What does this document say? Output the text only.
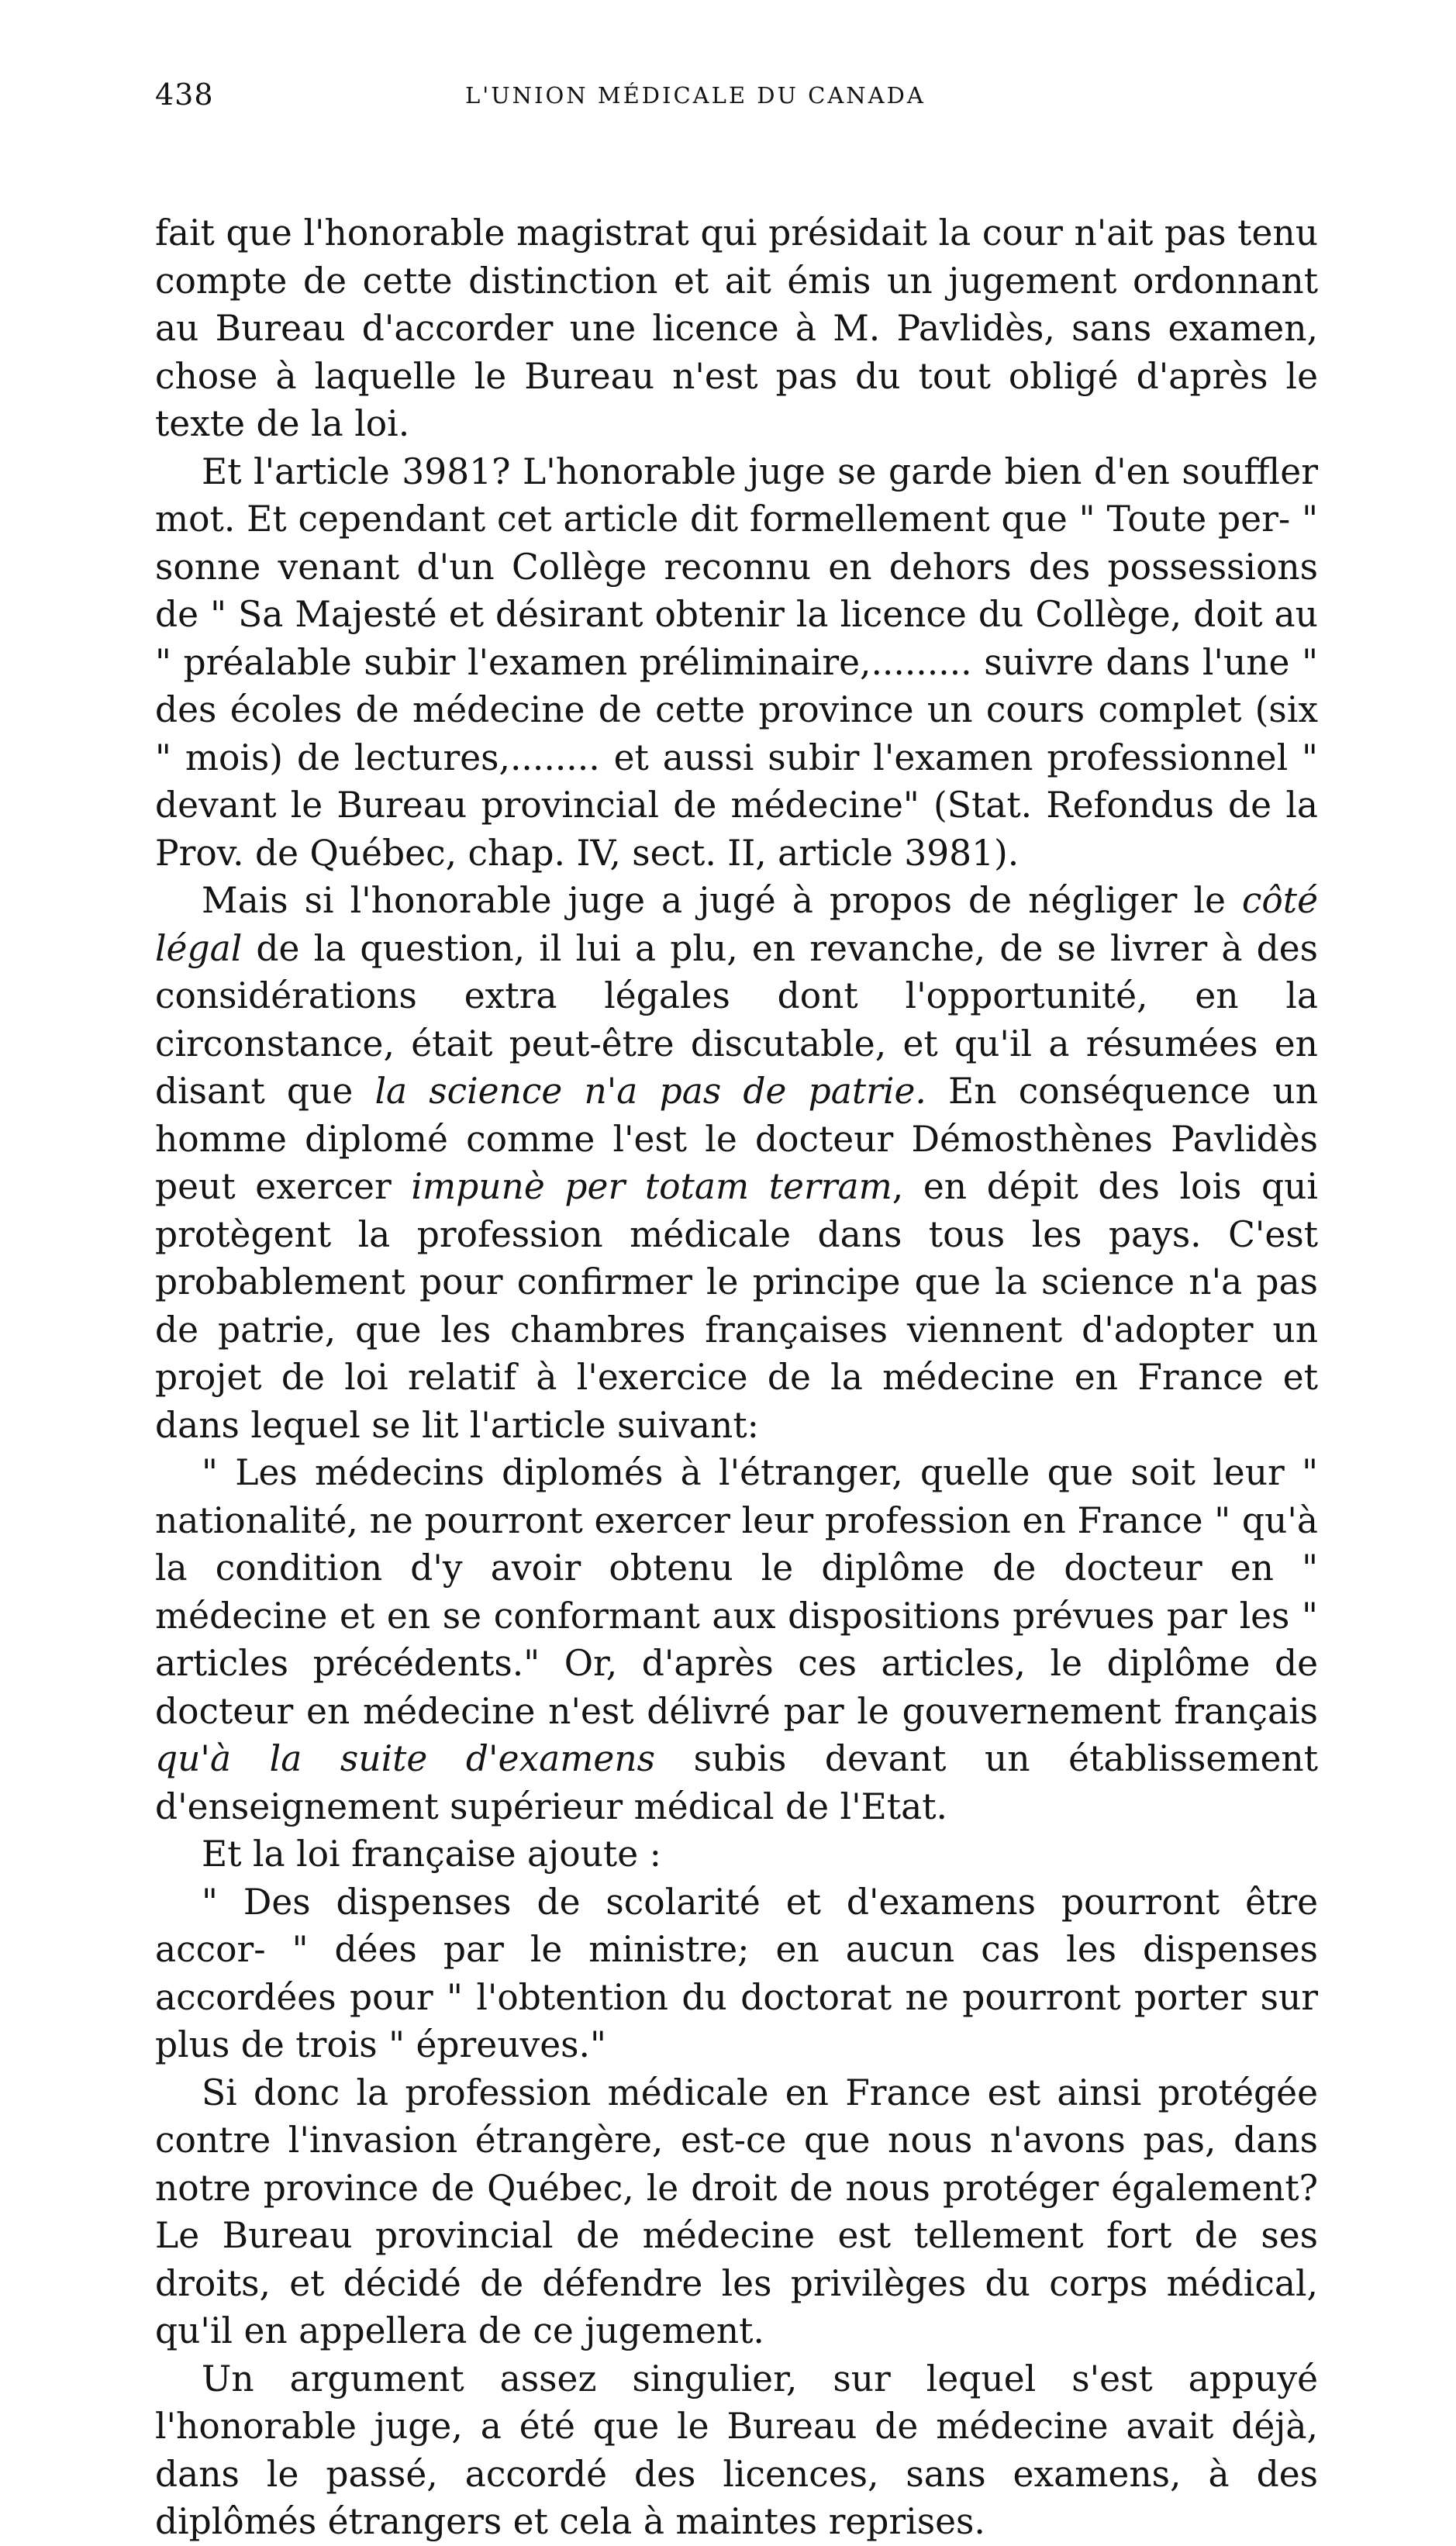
438	L'UNION MÉDICALE DU CANADA

fait que l'honorable magistrat qui présidait la cour n'ait pas tenu compte de cette distinction et ait émis un jugement ordonnant au Bureau d'accorder une licence à M. Pavlidès, sans examen, chose à laquelle le Bureau n'est pas du tout obligé d'après le texte de la loi.

Et l'article 3981? L'honorable juge se garde bien d'en souffler mot. Et cependant cet article dit formellement que " Toute per- " sonne venant d'un Collège reconnu en dehors des possessions de " Sa Majesté et désirant obtenir la licence du Collège, doit au " préalable subir l'examen préliminaire,......... suivre dans l'une " des écoles de médecine de cette province un cours complet (six " mois) de lectures,........ et aussi subir l'examen professionnel " devant le Bureau provincial de médecine" (Stat. Refondus de la Prov. de Québec, chap. IV, sect. II, article 3981).

Mais si l'honorable juge a jugé à propos de négliger le côté légal de la question, il lui a plu, en revanche, de se livrer à des considérations extra légales dont l'opportunité, en la circonstance, était peut-être discutable, et qu'il a résumées en disant que la science n'a pas de patrie. En conséquence un homme diplomé comme l'est le docteur Démosthènes Pavlidès peut exercer impunè per totam terram, en dépit des lois qui protègent la profession médicale dans tous les pays. C'est probablement pour confirmer le principe que la science n'a pas de patrie, que les chambres françaises viennent d'adopter un projet de loi relatif à l'exercice de la médecine en France et dans lequel se lit l'article suivant:

" Les médecins diplomés à l'étranger, quelle que soit leur " nationalité, ne pourront exercer leur profession en France " qu'à la condition d'y avoir obtenu le diplôme de docteur en " médecine et en se conformant aux dispositions prévues par les " articles précédents." Or, d'après ces articles, le diplôme de docteur en médecine n'est délivré par le gouvernement français qu'à la suite d'examens subis devant un établissement d'enseignement supérieur médical de l'Etat.

Et la loi française ajoute :

" Des dispenses de scolarité et d'examens pourront être accor- " dées par le ministre; en aucun cas les dispenses accordées pour " l'obtention du doctorat ne pourront porter sur plus de trois " épreuves."

Si donc la profession médicale en France est ainsi protégée contre l'invasion étrangère, est-ce que nous n'avons pas, dans notre province de Québec, le droit de nous protéger également? Le Bureau provincial de médecine est tellement fort de ses droits, et décidé de défendre les privilèges du corps médical, qu'il en appellera de ce jugement.

Un argument assez singulier, sur lequel s'est appuyé l'honorable juge, a été que le Bureau de médecine avait déjà, dans le passé, accordé des licences, sans examens, à des diplômés étrangers et cela à maintes reprises.
